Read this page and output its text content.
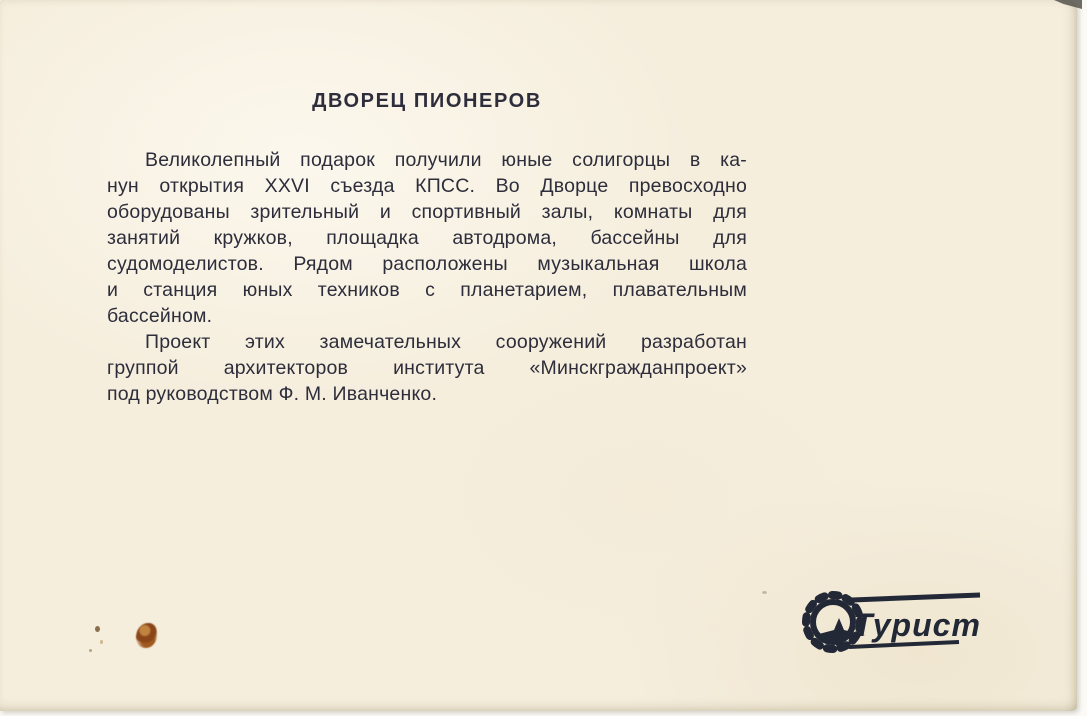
ДВОРЕЦ ПИОНЕРОВ
Великолепный подарок получили юные солигорцы в ка-
нун открытия XXVI съезда КПСС. Во Дворце превосходно
оборудованы зрительный и спортивный залы, комнаты для
занятий кружков, площадка автодрома, бассейны для
судомоделистов. Рядом расположены музыкальная школа
и станция юных техников с планетарием, плавательным
бассейном.
Проект этих замечательных сооружений разработан
группой архитекторов института «Минскгражданпроект»
под руководством Ф. М. Иванченко.
Турист
